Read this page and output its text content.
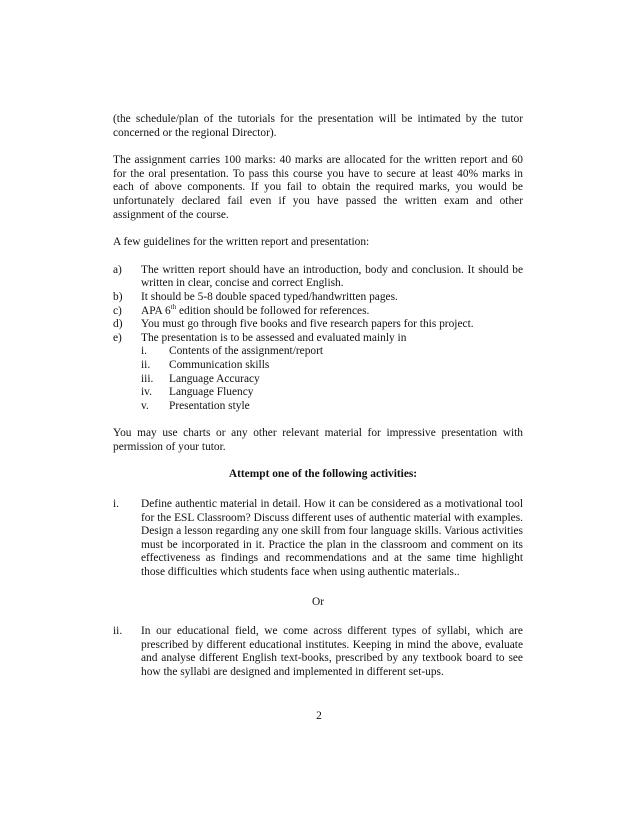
(the schedule/plan of the tutorials for the presentation will be intimated by the tutor concerned or the regional Director).

The assignment carries 100 marks: 40 marks are allocated for the written report and 60 for the oral presentation. To pass this course you have to secure at least 40% marks in each of above components. If you fail to obtain the required marks, you would be unfortunately declared fail even if you have passed the written exam and other assignment of the course.

A few guidelines for the written report and presentation:

a)	The written report should have an introduction, body and conclusion. It should be written in clear, concise and correct English.
b)	It should be 5-8 double spaced typed/handwritten pages.
c)	APA 6th edition should be followed for references.
d)	You must go through five books and five research papers for this project.
e)	The presentation is to be assessed and evaluated mainly in
i.	Contents of the assignment/report
ii.	Communication skills
iii.	Language Accuracy
iv.	Language Fluency
v.	Presentation style

You may use charts or any other relevant material for impressive presentation with permission of your tutor.

Attempt one of the following activities:

i.	Define authentic material in detail. How it can be considered as a motivational tool for the ESL Classroom? Discuss different uses of authentic material with examples. Design a lesson regarding any one skill from four language skills. Various activities must be incorporated in it. Practice the plan in the classroom and comment on its effectiveness as findings and recommendations and at the same time highlight those difficulties which students face when using authentic materials..

Or

ii.	In our educational field, we come across different types of syllabi, which are prescribed by different educational institutes. Keeping in mind the above, evaluate and analyse different English text-books, prescribed by any textbook board to see how the syllabi are designed and implemented in different set-ups.
2
